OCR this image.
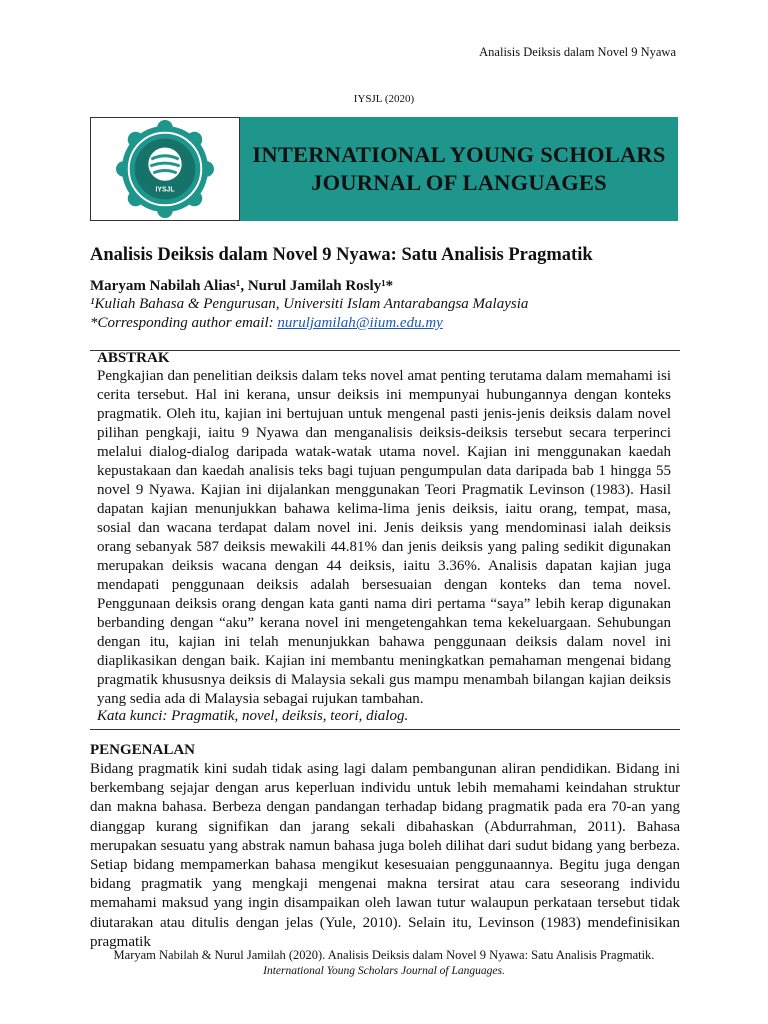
Analisis Deiksis dalam Novel 9 Nyawa
IYSJL (2020)
IYSJL
INTERNATIONAL YOUNG SCHOLARS
JOURNAL OF LANGUAGES
Analisis Deiksis dalam Novel 9 Nyawa: Satu Analisis Pragmatik
Maryam Nabilah Alias¹, Nurul Jamilah Rosly¹*
¹Kuliah Bahasa & Pengurusan, Universiti Islam Antarabangsa Malaysia
*Corresponding author email: nuruljamilah@iium.edu.my
ABSTRAK

Pengkajian dan penelitian deiksis dalam teks novel amat penting terutama dalam memahami isi cerita tersebut. Hal ini kerana, unsur deiksis ini mempunyai hubungannya dengan konteks pragmatik. Oleh itu, kajian ini bertujuan untuk mengenal pasti jenis-jenis deiksis dalam novel pilihan pengkaji, iaitu 9 Nyawa dan menganalisis deiksis-deiksis tersebut secara terperinci melalui dialog-dialog daripada watak-watak utama novel. Kajian ini menggunakan kaedah kepustakaan dan kaedah analisis teks bagi tujuan pengumpulan data daripada bab 1 hingga 55 novel 9 Nyawa. Kajian ini dijalankan menggunakan Teori Pragmatik Levinson (1983). Hasil dapatan kajian menunjukkan bahawa kelima-lima jenis deiksis, iaitu orang, tempat, masa, sosial dan wacana terdapat dalam novel ini. Jenis deiksis yang mendominasi ialah deiksis orang sebanyak 587 deiksis mewakili 44.81% dan jenis deiksis yang paling sedikit digunakan merupakan deiksis wacana dengan 44 deiksis, iaitu 3.36%. Analisis dapatan kajian juga mendapati penggunaan deiksis adalah bersesuaian dengan konteks dan tema novel. Penggunaan deiksis orang dengan kata ganti nama diri pertama “saya” lebih kerap digunakan berbanding dengan “aku” kerana novel ini mengetengahkan tema kekeluargaan. Sehubungan dengan itu, kajian ini telah menunjukkan bahawa penggunaan deiksis dalam novel ini diaplikasikan dengan baik. Kajian ini membantu meningkatkan pemahaman mengenai bidang pragmatik khususnya deiksis di Malaysia sekali gus mampu menambah bilangan kajian deiksis yang sedia ada di Malaysia sebagai rujukan tambahan.

Kata kunci: Pragmatik, novel, deiksis, teori, dialog.
PENGENALAN

Bidang pragmatik kini sudah tidak asing lagi dalam pembangunan aliran pendidikan. Bidang ini berkembang sejajar dengan arus keperluan individu untuk lebih memahami keindahan struktur dan makna bahasa. Berbeza dengan pandangan terhadap bidang pragmatik pada era 70-an yang dianggap kurang signifikan dan jarang sekali dibahaskan (Abdurrahman, 2011). Bahasa merupakan sesuatu yang abstrak namun bahasa juga boleh dilihat dari sudut bidang yang berbeza. Setiap bidang mempamerkan bahasa mengikut kesesuaian penggunaannya. Begitu juga dengan bidang pragmatik yang mengkaji mengenai makna tersirat atau cara seseorang individu memahami maksud yang ingin disampaikan oleh lawan tutur walaupun perkataan tersebut tidak diutarakan atau ditulis dengan jelas (Yule, 2010). Selain itu, Levinson (1983) mendefinisikan pragmatik

Maryam Nabilah & Nurul Jamilah (2020). Analisis Deiksis dalam Novel 9 Nyawa: Satu Analisis Pragmatik.
International Young Scholars Journal of Languages.
